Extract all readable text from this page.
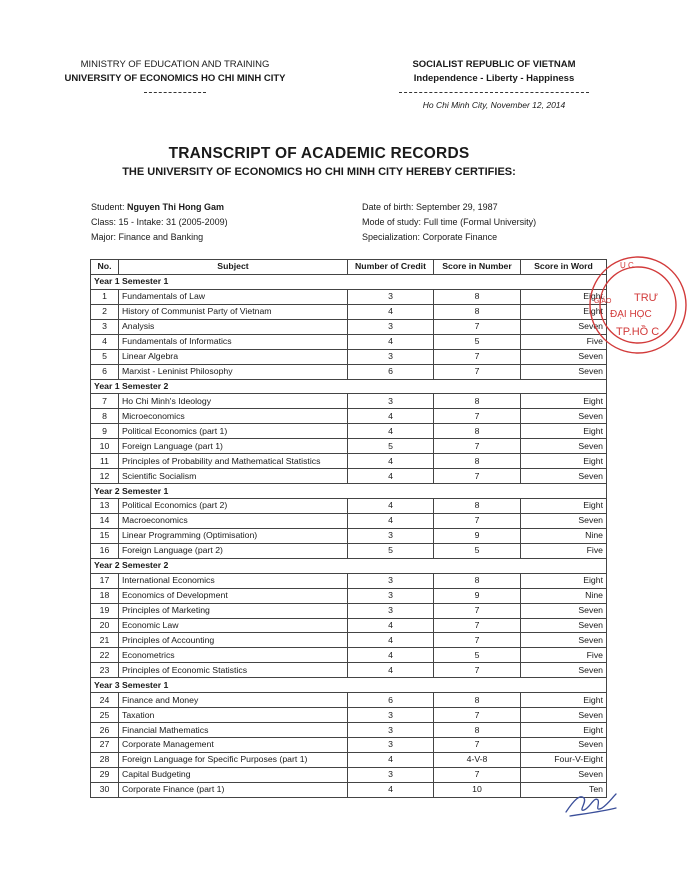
MINISTRY OF EDUCATION AND TRAINING
UNIVERSITY OF ECONOMICS HO CHI MINH CITY
SOCIALIST REPUBLIC OF VIETNAM
Independence - Liberty - Happiness
Ho Chi Minh City, November 12, 2014
TRANSCRIPT OF ACADEMIC RECORDS
THE UNIVERSITY OF ECONOMICS HO CHI MINH CITY HEREBY CERTIFIES:
Student: Nguyen Thi Hong Gam
Class: 15 - Intake: 31 (2005-2009)
Major: Finance and Banking
Date of birth: September 29, 1987
Mode of study: Full time (Formal University)
Specialization: Corporate Finance
No.	Subject	Number of Credit	Score in Number	Score in Word
Year 1 Semester 1				
1	Fundamentals of Law	3	8	Eight
2	History of Communist Party of Vietnam	4	8	Eight
3	Analysis	3	7	Seven
4	Fundamentals of Informatics	4	5	Five
5	Linear Algebra	3	7	Seven
6	Marxist - Leninist Philosophy	6	7	Seven
Year 1 Semester 2				
7	Ho Chi Minh's Ideology	3	8	Eight
8	Microeconomics	4	7	Seven
9	Political Economics (part 1)	4	8	Eight
10	Foreign Language (part 1)	5	7	Seven
11	Principles of Probability and Mathematical Statistics	4	8	Eight
12	Scientific Socialism	4	7	Seven
Year 2 Semester 1				
13	Political Economics (part 2)	4	8	Eight
14	Macroeconomics	4	7	Seven
15	Linear Programming (Optimisation)	3	9	Nine
16	Foreign Language (part 2)	5	5	Five
Year 2 Semester 2				
17	International Economics	3	8	Eight
18	Economics of Development	3	9	Nine
19	Principles of Marketing	3	7	Seven
20	Economic Law	4	7	Seven
21	Principles of Accounting	4	7	Seven
22	Econometrics	4	5	Five
23	Principles of Economic Statistics	4	7	Seven
Year 3 Semester 1				
24	Finance and Money	6	8	Eight
25	Taxation	3	7	Seven
26	Financial Mathematics	3	8	Eight
27	Corporate Management	3	7	Seven
28	Foreign Language for Specific Purposes (part 1)	4	4-V-8	Four-V-Eight
29	Capital Budgeting	3	7	Seven
30	Corporate Finance (part 1)	4	10	Ten
Ụ C
TRƯ
ĐẠI HỌC
TP.HỒ C
GIÁO
